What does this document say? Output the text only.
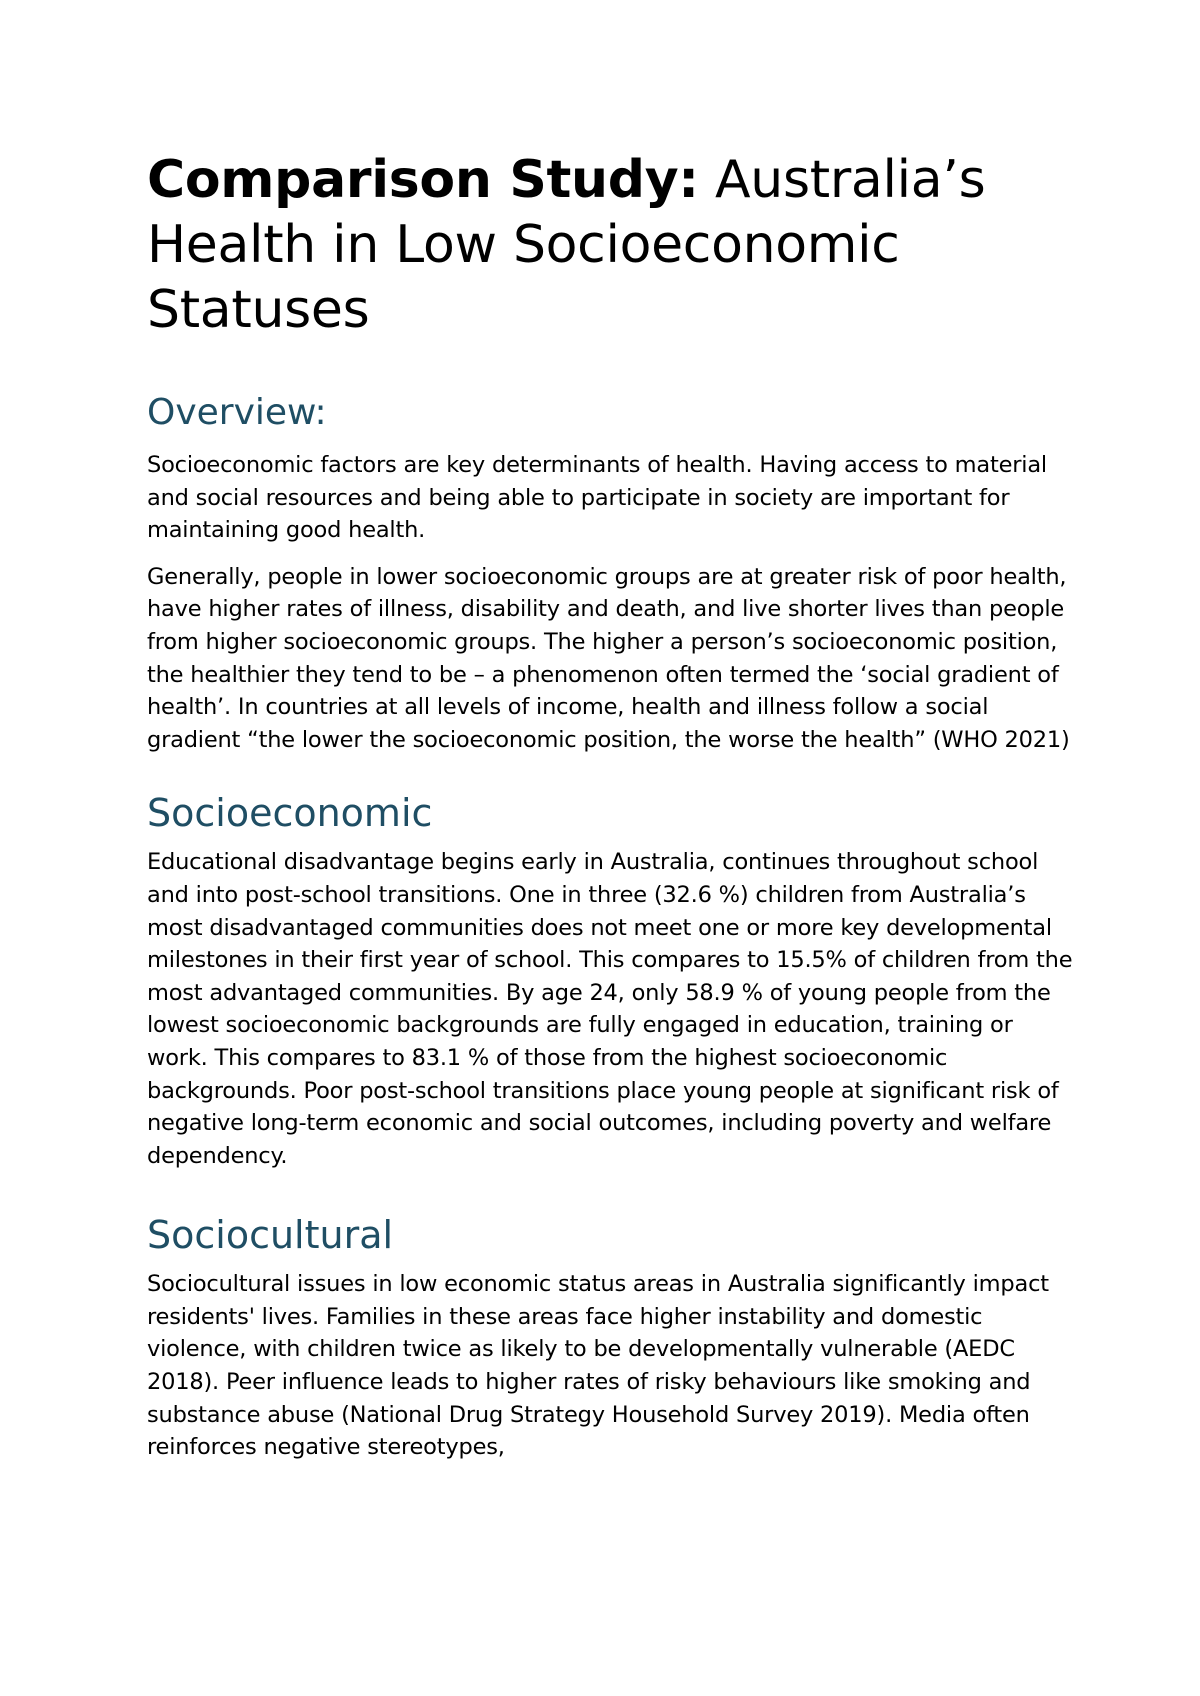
Comparison Study: Australia’s Health in Low Socioeconomic Statuses
Overview:

Socioeconomic factors are key determinants of health. Having access to material and social resources and being able to participate in society are important for maintaining good health.

Generally, people in lower socioeconomic groups are at greater risk of poor health, have higher rates of illness, disability and death, and live shorter lives than people from higher socioeconomic groups. The higher a person’s socioeconomic position, the healthier they tend to be – a phenomenon often termed the ‘social gradient of health’. In countries at all levels of income, health and illness follow a social gradient “the lower the socioeconomic position, the worse the health” (WHO 2021)

Socioeconomic

Educational disadvantage begins early in Australia, continues throughout school and into post-school transitions. One in three (32.6 %) children from Australia’s most disadvantaged communities does not meet one or more key developmental milestones in their first year of school. This compares to 15.5% of children from the most advantaged communities. By age 24, only 58.9 % of young people from the lowest socioeconomic backgrounds are fully engaged in education, training or work. This compares to 83.1 % of those from the highest socioeconomic backgrounds. Poor post-school transitions place young people at significant risk of negative long-term economic and social outcomes, including poverty and welfare dependency.

Sociocultural

Sociocultural issues in low economic status areas in Australia significantly impact residents' lives. Families in these areas face higher instability and domestic violence, with children twice as likely to be developmentally vulnerable (AEDC 2018). Peer influence leads to higher rates of risky behaviours like smoking and substance abuse (National Drug Strategy Household Survey 2019). Media often reinforces negative stereotypes,
